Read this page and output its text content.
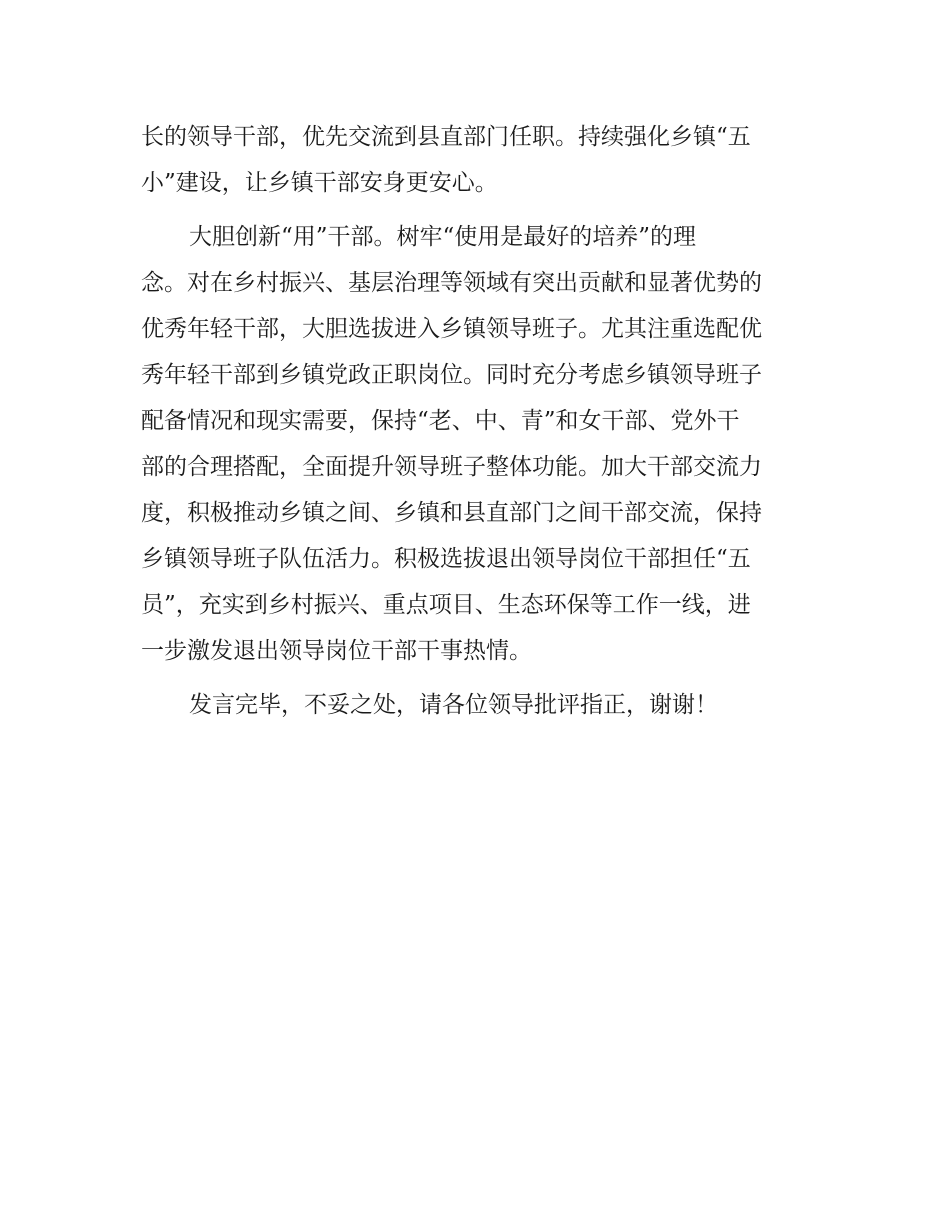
长的领导干部，优先交流到县直部门任职。持续强化乡镇“五
小”建设，让乡镇干部安身更安心。
大胆创新“用”干部。树牢“使用是最好的培养”的理
念。对在乡村振兴、基层治理等领域有突出贡献和显著优势的
优秀年轻干部，大胆选拔进入乡镇领导班子。尤其注重选配优
秀年轻干部到乡镇党政正职岗位。同时充分考虑乡镇领导班子
配备情况和现实需要，保持“老、中、青”和女干部、党外干
部的合理搭配，全面提升领导班子整体功能。加大干部交流力
度，积极推动乡镇之间、乡镇和县直部门之间干部交流，保持
乡镇领导班子队伍活力。积极选拔退出领导岗位干部担任“五
员”，充实到乡村振兴、重点项目、生态环保等工作一线，进
一步激发退出领导岗位干部干事热情。
发言完毕，不妥之处，请各位领导批评指正，谢谢！
